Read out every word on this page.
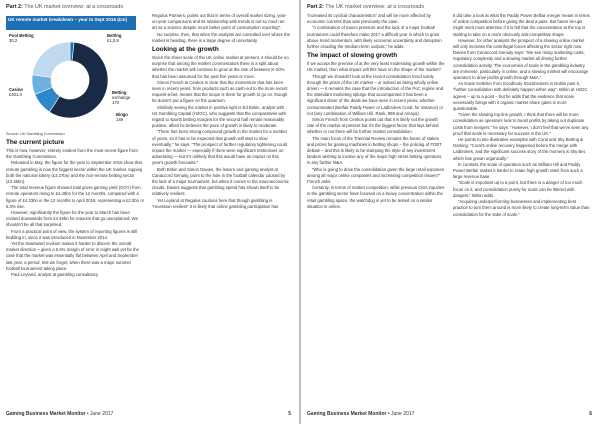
Part 2: The UK market overview: at a crossroads
UK remote market breakdown – year to Sept 2016 (£m)
Pool Betting
30.2
Betting
£1,0.8
Betting
exchange
170
Bingo
149
Casino
£401.3
Source: UK Gambling Commission
The current picture

This is how, however, entirely evident from the most recent figure from the Gambling Commission.

Released in May, the figure for the year to September 2016 show that remote gambling is now the biggest sector within the UK market, topping both the national lottery (£3.27bn) and the non-remote betting sector (£3.45bn).

The total revenue figure showed total gross gaming yield (GGY) from remote operators rising to £4.46bn for the 12 months, compared with a figure of £4.23bn in the 12 months to April 2016, representing a £2.0bn or 5.3% rise.

However, significantly the figure for the year to March has been revised downwards from £4.46bn for reasons that go unexplained. We shouldn't be all that surprised.

From a practical point of view, the system of reporting figures is still bedding in, since it was introduced in November 2014.

Yet the downward revision makes it harder to discern the overall market direction – given a 5.5% margin of error in might well yet be the case that the market was essentially flat between April and September last year, a period, lest we forget, when there was a major summer football tournament taking place.

Paul Leyland, analyst at gambling consultancy

Regulus Partners, points out that in terms of overall market sizing, year-on-year comparisons and its relationship with trends is not so much an art as a science despite much better point of consumption reporting".

No surprise, then, that when the analysts are consulted over where the market is heading, there is a large degree of uncertainty.

Looking at the growth

Given the sheer scale of the UK online market at present, it should be no surprise that among the market commentators there is a split about whether the market will continue to grow at the rate of between 8–20% that has been assumed for the past five years or more.

Simon French at Cenkos is clear that the momentum that has been seen in recent years, from products such as cash-out to the more recent request-a-bet, means that the scope is there for growth to go on, though he doesn't put a figure on the quantum.

Similarly seeing the market in positive light is Ed Birkin, analyst with H2 Gambling Capital (H2GC), who suggests that the comparatives with regard to sports betting margins for the second half remain reasonably positive, albeit he believes the pace of growth is likely to moderate.

“There has been strong compound growth in the market for a number of years, so it has to be expected that growth will start to slow eventually,” he says. “The prospect of further regulatory tightening could impact the market — especially if there were significant restrictions on advertising — but it's unlikely that this would have an impact on this year's growth forecasts.”

Both Birkin and Simon Davies, the leisure and gaming analyst at Canaccord Genuity, point to the hole in the football calendar caused by the lack of a major tournament, but when it comes to the macroeconomic clouds, Davies suggests that gambling spend has shown itself to be relatively resilient.

Yet Leyland at Regulus cautions here that though gambling is “recession resilient” it is likely that online gambling participation has

Gaming Business Market Monitor • June 2017	5
Part 2: The UK market overview: at a crossroads

“increased its cyclical characteristics” and will be more affected by economic currents than was previously the case.

“A combination of macro pressure and the lack of a major football tournament could therefore make 2017 a difficult year in which to grow above trend momentum, with likely economic uncertainty and disruption further clouding the medium-term outlook,” he adds.

The impact of slowing growth

If we accept the premise of at the very least moderating growth within the UK market, then what impact will this have on the shape of the market?

Though we shouldn't look at the recent consolidation trend solely through the prism of the UK market – or indeed as being wholly online driven — it remains the case that the introduction of the PoC regime and the attendant marketing splurge that accompanied it has been a significant driver of the deals we have seen in recent years, whether consummated (Betfair Paddy Power or Ladbrokes Coral, for instance) or not (any combination of William Hill, Rank, 888 and Amaya).

Simon French from Cenkos points out that it is likely not the growth rate of the market at present but it's the biggest factor that lays behind whether or not there will be further market consolidation.

The main focus of the Triennial Review remains the future of stakes and prizes for gaming machines in betting shops – the policing of FOBT debate – and this is likely to be stamping the style of any investment tandem wishing to involve any of the major high street betting operators in any further M&A.

“Who is going to drive the consolidation given the large retail exposure among all major online companies and increasing competition issues?” French asks.

Certainly, in terms of market competition, while previous CMA inquiries in the gambling sector have focused on a heavy concentration within the retail gambling space, the watchdog is yet to be tested on a similar situation in online.

It did take a look at what the Paddy Power Betfair merger meant in terms of online competition before giving the deal a pass. But future tie-ups might merit more attention if it is felt that the concentration at the top is starting to take on a more obviously anti-competitive shape.

However, for other analysts the prospect of a slowing online market will only increase the centrifugal forces affecting the sector right now. Davies from Canaccord Genuity says: “We see rising marketing costs, regulatory complexity and a slowing market all driving further consolidation activity. The economies of scale in the gambling industry are immense, particularly in online, and a slowing market will encourage operators to drive profits growth through M&A.”

As Gavin Kelleher from Goodbody Stockbrokers in Dublin puts it, “further consolidation with definitely happen either way”. Birkin at H2GC agrees – up to a point – but he adds that the evidence that scale necessarily brings with it organic market share gains is more questionable.

“Given the slowing top-line growth, I think that there will be more consolidation as operators look to boost profits by taking out duplicate costs from mergers,” he says. “However, I don't feel that we've seen any proof that scale is necessary for success in the UK.”

He points to two illustrative examples with Coral and Sky Betting & Gaming. “Coral's online recovery happened before the merge with Ladbrokes, and the significant success story of the moment is Sky Bet, which has grown organically.”

In contrast, the scale of operators such as William Hill and Paddy Power Betfair makes it harder to retain high growth rates from such a large revenue base.

“Scale is important up to a point, but there is a danger of too much focus on it, and consolidation purely for scale can be littered with dangers,” Birkin adds.

“Acquiring underperforming businesses and implementing best practice to turn them around is more likely to create long-term value than consolidation for the sake of scale.”

Gaming Business Market Monitor • June 2017	6
